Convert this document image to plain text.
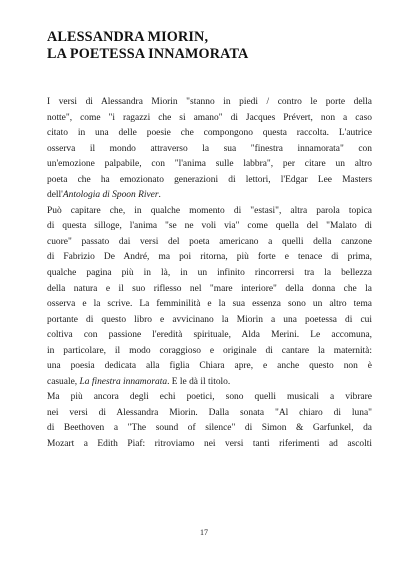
ALESSANDRA MIORIN,
LA POETESSA INNAMORATA
I versi di Alessandra Miorin "stanno in piedi / contro le porte della
notte", come "i ragazzi che si amano" di Jacques Prévert, non a caso
citato in una delle poesie che compongono questa raccolta. L'autrice
osserva il mondo attraverso la sua "finestra innamorata" con
un'emozione palpabile, con "l'anima sulle labbra", per citare un altro
poeta che ha emozionato generazioni di lettori, l'Edgar Lee Masters
dell'Antologia di Spoon River.
Può capitare che, in qualche momento di "estasi", altra parola topica
di questa silloge, l'anima "se ne voli via" come quella del "Malato di
cuore" passato dai versi del poeta americano a quelli della canzone
di Fabrizio De André, ma poi ritorna, più forte e tenace di prima,
qualche pagina più in là, in un infinito rincorrersi tra la bellezza
della natura e il suo riflesso nel "mare interiore" della donna che la
osserva e la scrive. La femminilità e la sua essenza sono un altro tema
portante di questo libro e avvicinano la Miorin a una poetessa di cui
coltiva con passione l'eredità spirituale, Alda Merini. Le accomuna,
in particolare, il modo coraggioso e originale di cantare la maternità:
una poesia dedicata alla figlia Chiara apre, e anche questo non è
casuale, La finestra innamorata. E le dà il titolo.
Ma più ancora degli echi poetici, sono quelli musicali a vibrare
nei versi di Alessandra Miorin. Dalla sonata "Al chiaro di luna"
di Beethoven a "The sound of silence" di Simon & Garfunkel, da
Mozart a Edith Piaf: ritroviamo nei versi tanti riferimenti ad ascolti
17
